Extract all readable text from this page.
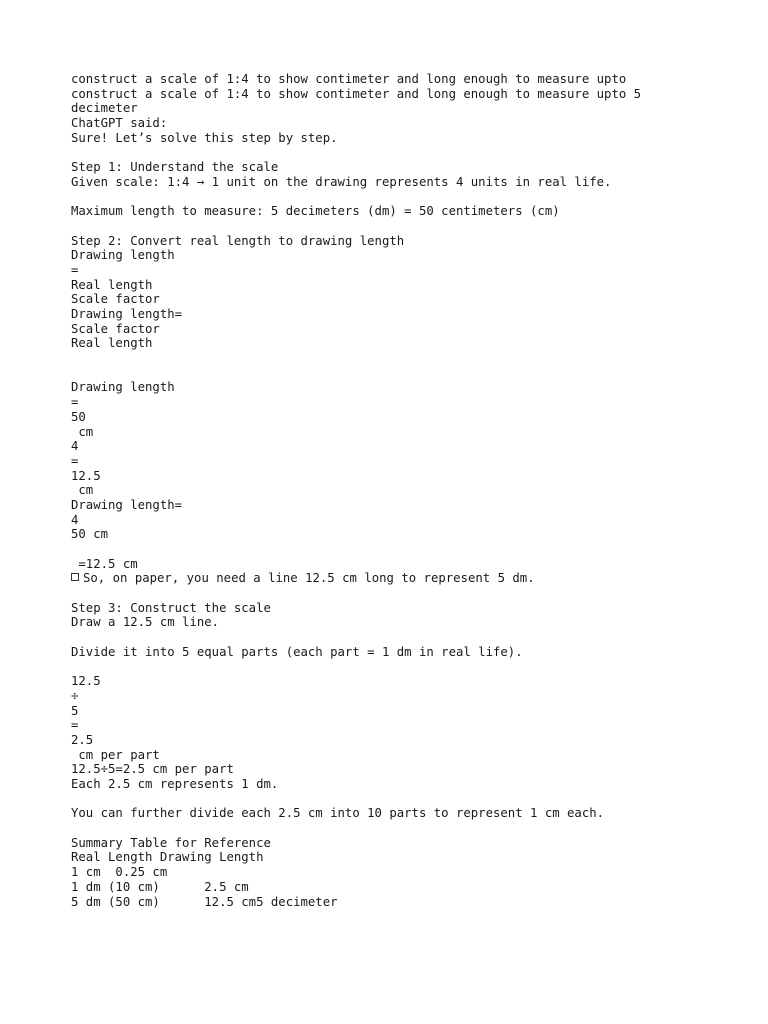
construct a scale of 1:4 to show contimeter and long enough to measure upto
construct a scale of 1:4 to show contimeter and long enough to measure upto 5
decimeter
ChatGPT said:
Sure! Let’s solve this step by step.
Step 1: Understand the scale
Given scale: 1:4 → 1 unit on the drawing represents 4 units in real life.
Maximum length to measure: 5 decimeters (dm) = 50 centimeters (cm)
Step 2: Convert real length to drawing length
Drawing length
=
Real length
Scale factor
Drawing length=
Scale factor
Real length
Drawing length
=
50
cm
4
=
12.5
cm
Drawing length=
4
50 cm
=12.5 cm
So, on paper, you need a line 12.5 cm long to represent 5 dm.
Step 3: Construct the scale
Draw a 12.5 cm line.
Divide it into 5 equal parts (each part = 1 dm in real life).
12.5
÷
5
=
2.5
cm per part
12.5÷5=2.5 cm per part
Each 2.5 cm represents 1 dm.
You can further divide each 2.5 cm into 10 parts to represent 1 cm each.
Summary Table for Reference
Real Length Drawing Length
1 cm  0.25 cm
1 dm (10 cm)      2.5 cm
5 dm (50 cm)      12.5 cm5 decimeter
